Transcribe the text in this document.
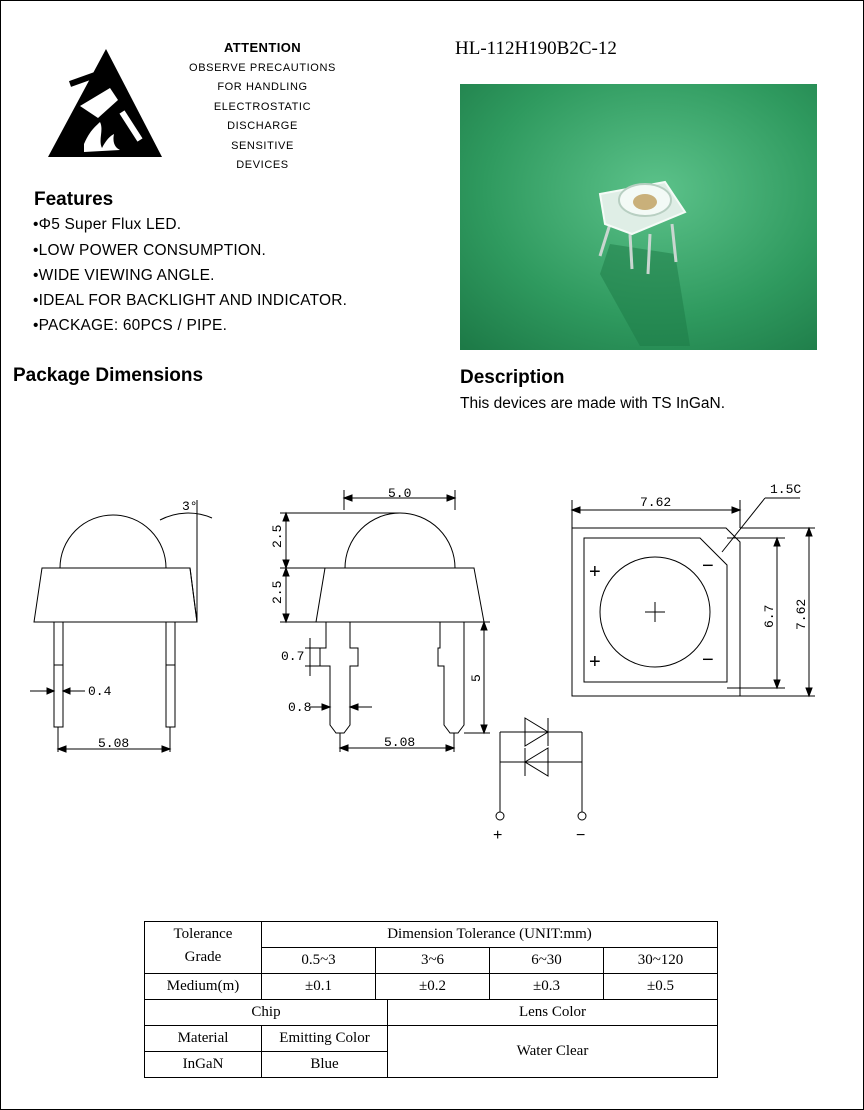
ATTENTION
OBSERVE PRECAUTIONS
FOR HANDLING
ELECTROSTATIC
DISCHARGE
SENSITIVE
DEVICES
HL-112H190B2C-12
Features
•Φ5 Super Flux LED.
•LOW POWER CONSUMPTION.
•WIDE VIEWING ANGLE.
•IDEAL FOR BACKLIGHT AND INDICATOR.
•PACKAGE: 60PCS / PIPE.
Package Dimensions	Description
This devices are made with TS InGaN.
3°
0.4
5.08
5.0
2.5
2.5
0.7
0.8
5
5.08
1.5C
7.62
6.7 7.62
+
+
−
−
+	−
Tolerance
Grade	Dimension Tolerance (UNIT:mm)				
	0.5~3	3~6		6~30	30~120
Medium(m)	±0.1	±0.2		±0.3	±0.5
Chip			Lens Color		
Material	Emitting Color		Water Clear		
InGaN	Blue				
